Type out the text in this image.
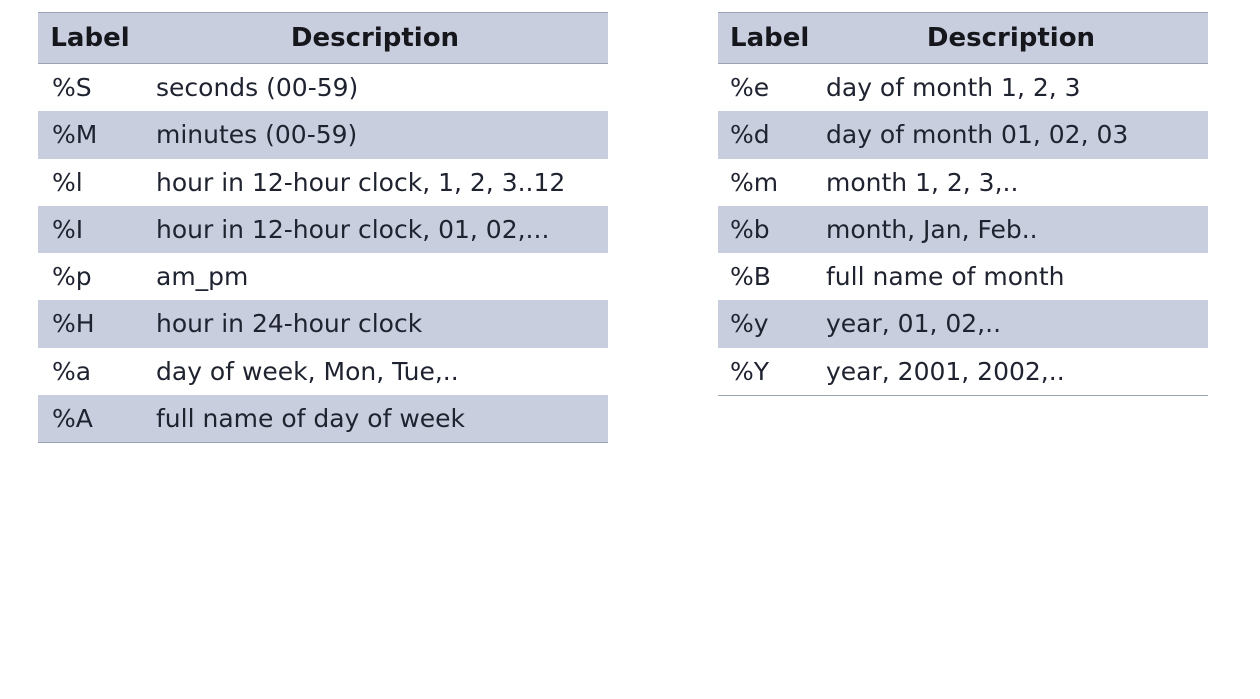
Label	Description
%S	seconds (00-59)
%M	minutes (00-59)
%l	hour in 12-hour clock, 1, 2, 3..12
%I	hour in 12-hour clock, 01, 02,...
%p	am_pm
%H	hour in 24-hour clock
%a	day of week, Mon, Tue,..
%A	full name of day of week
Label	Description
%e	day of month 1, 2, 3
%d	day of month 01, 02, 03
%m	month 1, 2, 3,..
%b	month, Jan, Feb..
%B	full name of month
%y	year, 01, 02,..
%Y	year, 2001, 2002,..
